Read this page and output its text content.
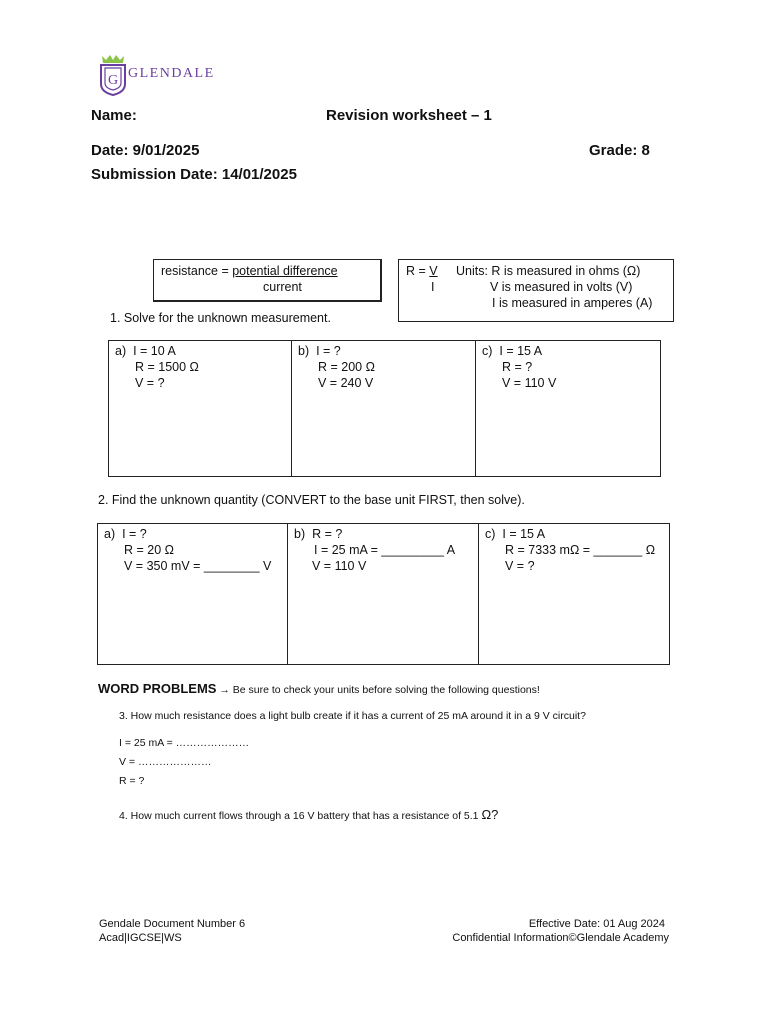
G GLENDALE
Name:	Revision worksheet – 1
Date: 9/01/2025	Grade: 8
Submission Date: 14/01/2025
resistance = potential difference
current
R = V
I
Units: R is measured in ohms (Ω)
V is measured in volts (V)
I is measured in amperes (A)
1. Solve for the unknown measurement.
a) I = 10 A
R = 1500 Ω
V = ?

b) I = ?
R = 200 Ω
V = 240 V

c) I = 15 A
R = ?
V = 110 V
2. Find the unknown quantity (CONVERT to the base unit FIRST, then solve).
a) I = ?
R = 20 Ω
V = 350 mV = ________ V

b) R = ?
I = 25 mA = _________ A
V = 110 V

c) I = 15 A
R = 7333 mΩ = _______ Ω
V = ?
WORD PROBLEMS → Be sure to check your units before solving the following questions!
3. How much resistance does a light bulb create if it has a current of 25 mA around it in a 9 V circuit?
I = 25 mA = …………………
V = …………………
R = ?
4. How much current flows through a 16 V battery that has a resistance of 5.1 Ω?
Gendale Document Number 6
Acad|IGCSE|WS
Effective Date: 01 Aug 2024
Confidential Information©Glendale Academy
